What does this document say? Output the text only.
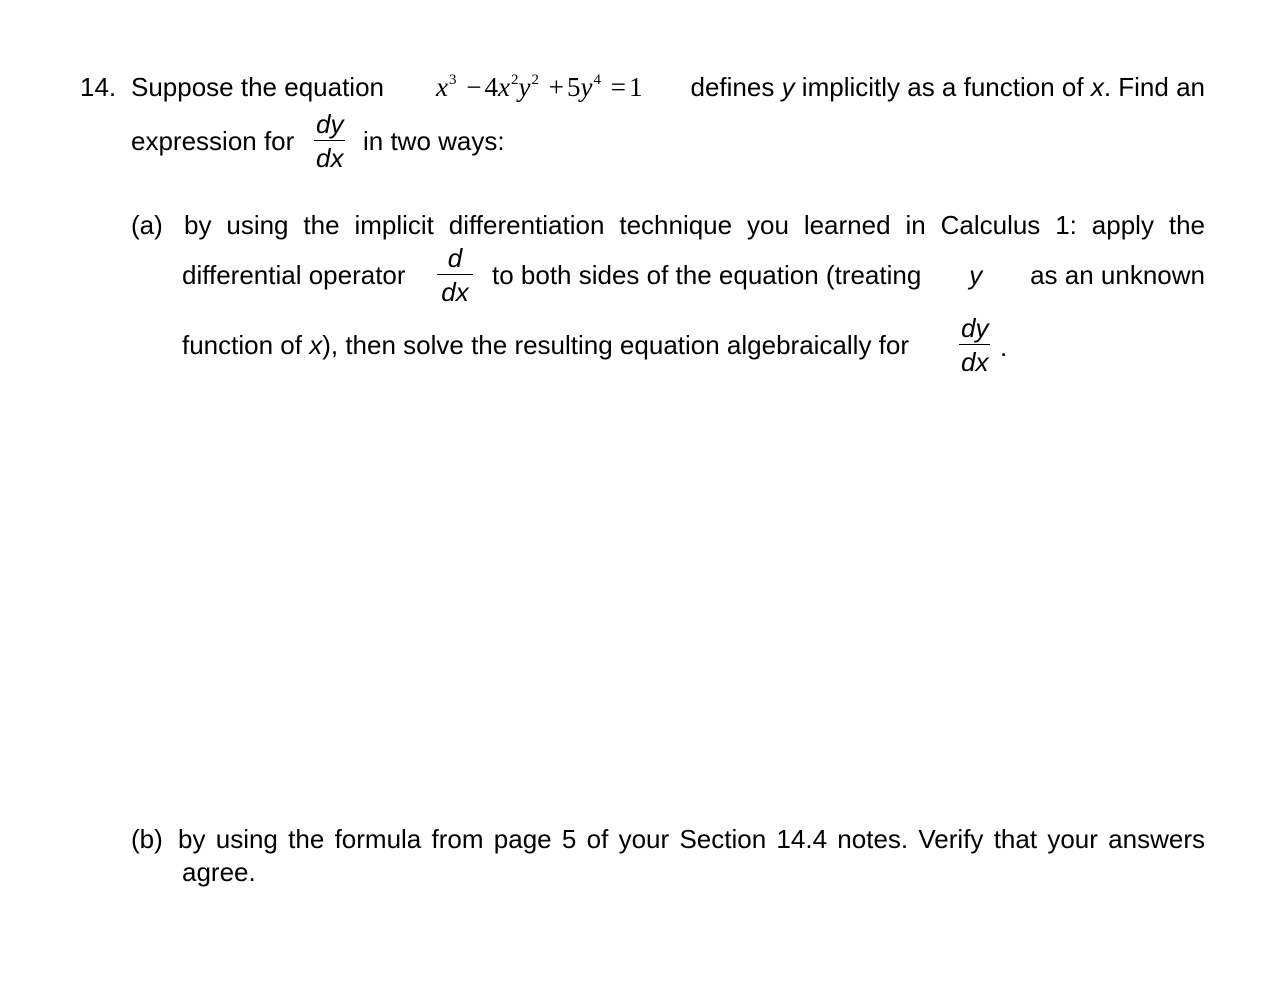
14. Suppose the equation $x^3 - 4x^2y^2 + 5y^4 = 1$ defines y implicitly as a function of x. Find an
expression for
dy
dx
in two ways:
(a) by using the implicit differentiation technique you learned in Calculus 1: apply the
differential operator
d
dx
to both sides of the equation (treating y as an unknown
function of x), then solve the resulting equation algebraically for
dy
dx .
(b) by using the formula from page 5 of your Section 14.4 notes. Verify that your answers
agree.
